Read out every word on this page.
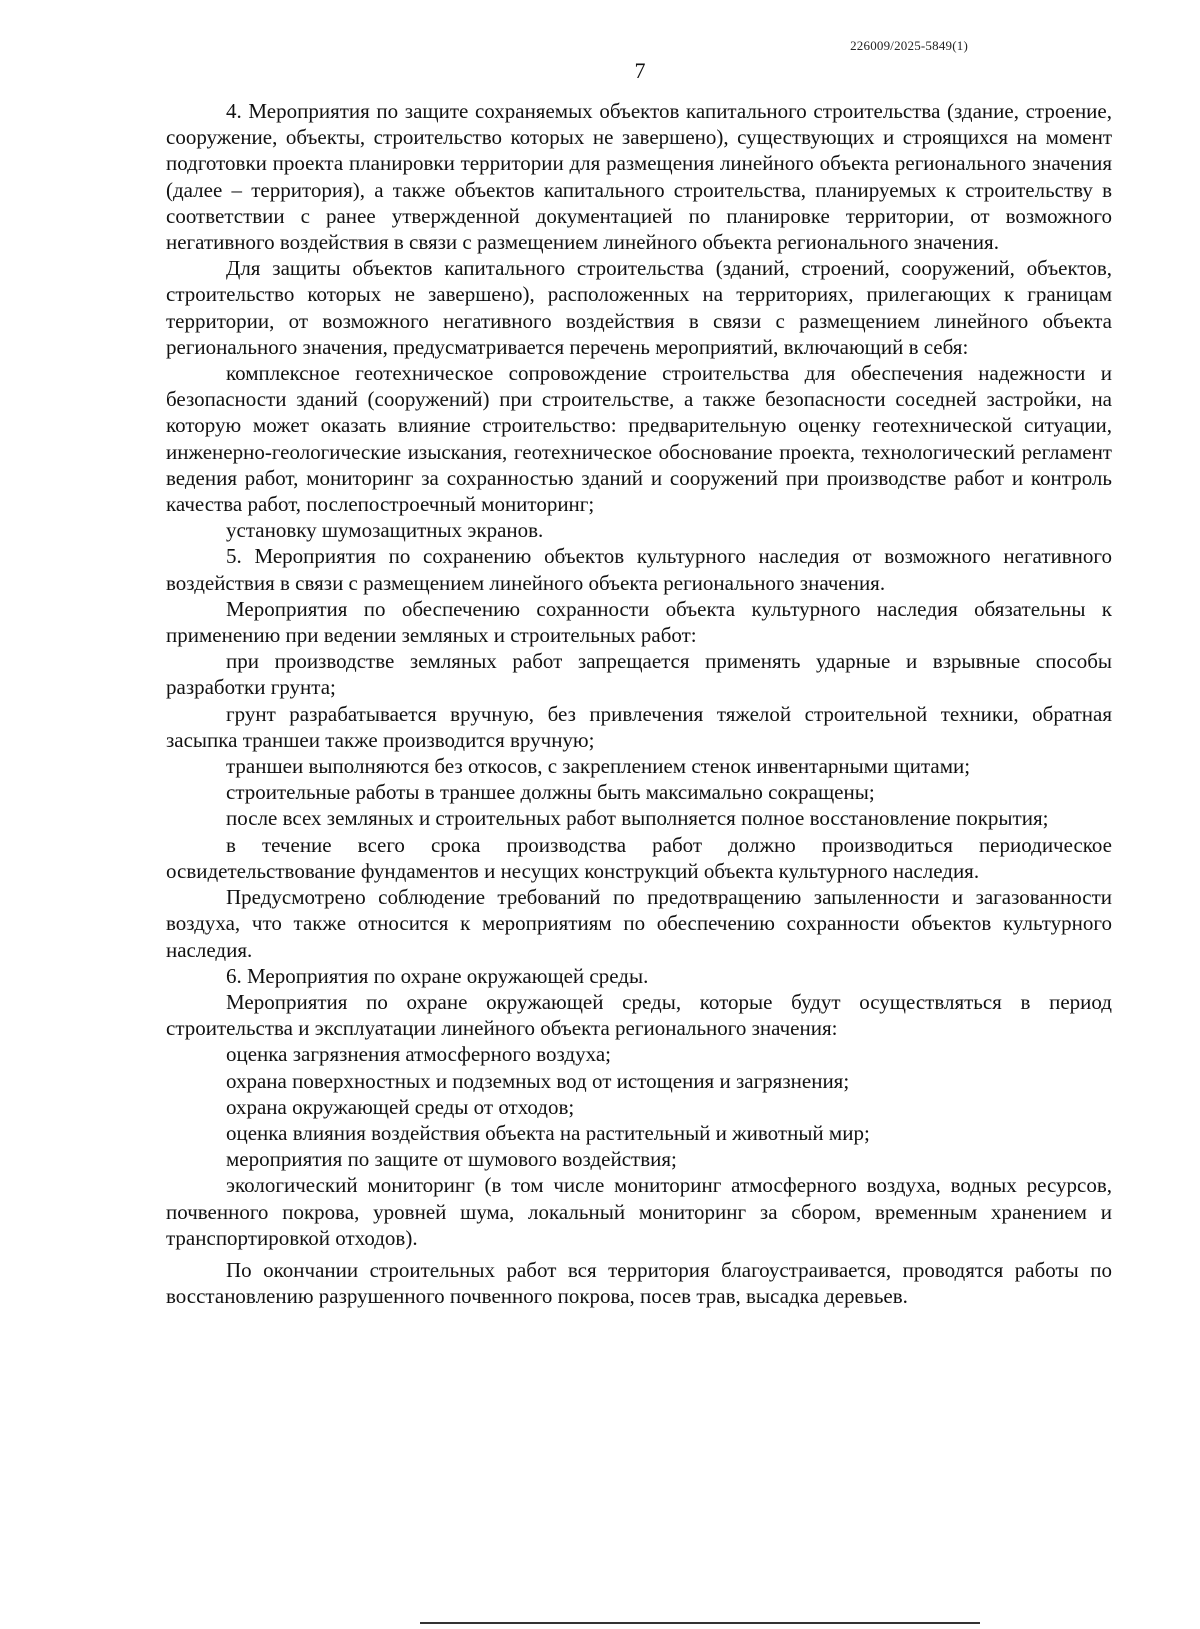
226009/2025-5849(1)
7

4. Мероприятия по защите сохраняемых объектов капитального строительства (здание, строение, сооружение, объекты, строительство которых не завершено), существующих и строящихся на момент подготовки проекта планировки территории для размещения линейного объекта регионального значения (далее – территория), а также объектов капитального строительства, планируемых к строительству в соответствии с ранее утвержденной документацией по планировке территории, от возможного негативного воздействия в связи с размещением линейного объекта регионального значения.

Для защиты объектов капитального строительства (зданий, строений, сооружений, объектов, строительство которых не завершено), расположенных на территориях, прилегающих к границам территории, от возможного негативного воздействия в связи с размещением линейного объекта регионального значения, предусматривается перечень мероприятий, включающий в себя:

комплексное геотехническое сопровождение строительства для обеспечения надежности и безопасности зданий (сооружений) при строительстве, а также безопасности соседней застройки, на которую может оказать влияние строительство: предварительную оценку геотехнической ситуации, инженерно-геологические изыскания, геотехническое обоснование проекта, технологический регламент ведения работ, мониторинг за сохранностью зданий и сооружений при производстве работ и контроль качества работ, послепостроечный мониторинг;

установку шумозащитных экранов.

5. Мероприятия по сохранению объектов культурного наследия от возможного негативного воздействия в связи с размещением линейного объекта регионального значения.

Мероприятия по обеспечению сохранности объекта культурного наследия обязательны к применению при ведении земляных и строительных работ:

при производстве земляных работ запрещается применять ударные и взрывные способы разработки грунта;

грунт разрабатывается вручную, без привлечения тяжелой строительной техники, обратная засыпка траншеи также производится вручную;

траншеи выполняются без откосов, с закреплением стенок инвентарными щитами;

строительные работы в траншее должны быть максимально сокращены;

после всех земляных и строительных работ выполняется полное восстановление покрытия;

в течение всего срока производства работ должно производиться периодическое освидетельствование фундаментов и несущих конструкций объекта культурного наследия.

Предусмотрено соблюдение требований по предотвращению запыленности и загазованности воздуха, что также относится к мероприятиям по обеспечению сохранности объектов культурного наследия.

6. Мероприятия по охране окружающей среды.

Мероприятия по охране окружающей среды, которые будут осуществляться в период строительства и эксплуатации линейного объекта регионального значения:

оценка загрязнения атмосферного воздуха;

охрана поверхностных и подземных вод от истощения и загрязнения;

охрана окружающей среды от отходов;

оценка влияния воздействия объекта на растительный и животный мир;

мероприятия по защите от шумового воздействия;

экологический мониторинг (в том числе мониторинг атмосферного воздуха, водных ресурсов, почвенного покрова, уровней шума, локальный мониторинг за сбором, временным хранением и транспортировкой отходов).

По окончании строительных работ вся территория благоустраивается, проводятся работы по восстановлению разрушенного почвенного покрова, посев трав, высадка деревьев.
